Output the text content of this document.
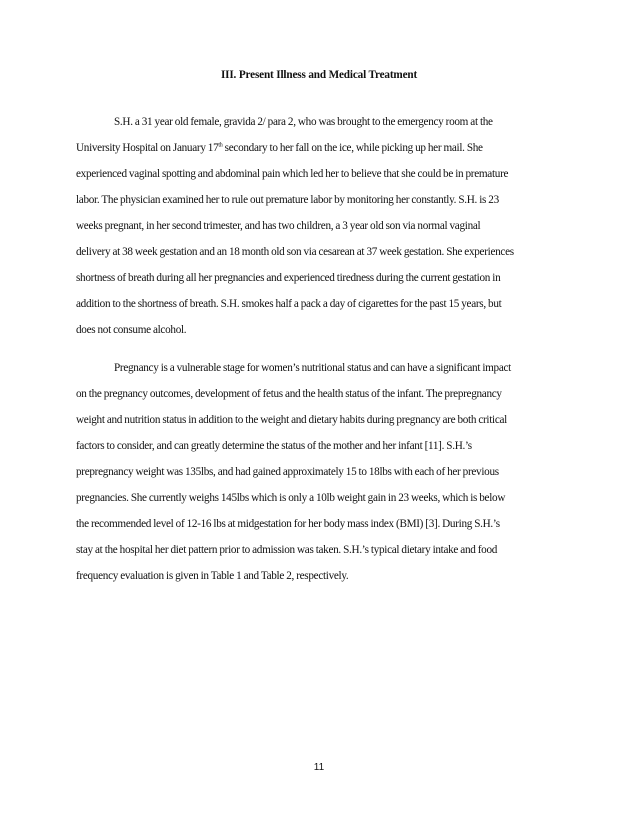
III. Present Illness and Medical Treatment
S.H. a 31 year old female, gravida 2/ para 2, who was brought to the emergency room at the
University Hospital on January 17th secondary to her fall on the ice, while picking up her mail. She
experienced vaginal spotting and abdominal pain which led her to believe that she could be in premature
labor. The physician examined her to rule out premature labor by monitoring her constantly. S.H. is 23
weeks pregnant, in her second trimester, and has two children, a 3 year old son via normal vaginal
delivery at 38 week gestation and an 18 month old son via cesarean at 37 week gestation. She experiences
shortness of breath during all her pregnancies and experienced tiredness during the current gestation in
addition to the shortness of breath. S.H. smokes half a pack a day of cigarettes for the past 15 years, but
does not consume alcohol.
Pregnancy is a vulnerable stage for women’s nutritional status and can have a significant impact
on the pregnancy outcomes, development of fetus and the health status of the infant. The prepregnancy
weight and nutrition status in addition to the weight and dietary habits during pregnancy are both critical
factors to consider, and can greatly determine the status of the mother and her infant [11]. S.H.’s
prepregnancy weight was 135lbs, and had gained approximately 15 to 18lbs with each of her previous
pregnancies. She currently weighs 145lbs which is only a 10lb weight gain in 23 weeks, which is below
the recommended level of 12-16 lbs at midgestation for her body mass index (BMI) [3]. During S.H.’s
stay at the hospital her diet pattern prior to admission was taken. S.H.’s typical dietary intake and food
frequency evaluation is given in Table 1 and Table 2, respectively.
11
